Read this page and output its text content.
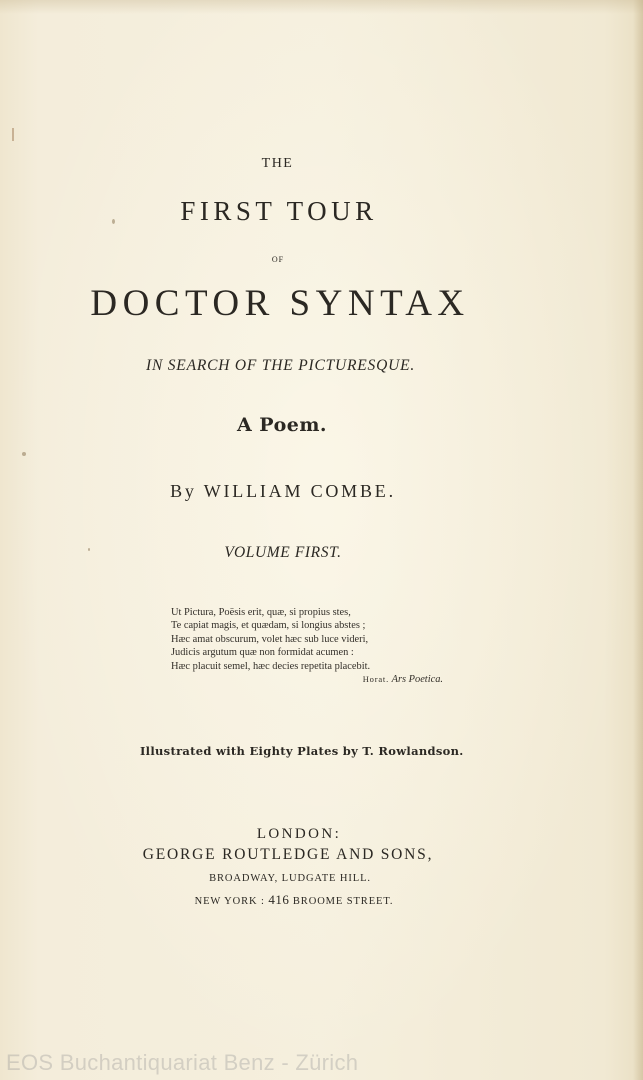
THE
FIRST TOUR
OF
DOCTOR SYNTAX
IN SEARCH OF THE PICTURESQUE.
A Poem.
By WILLIAM COMBE.
VOLUME FIRST.
Ut Pictura, Poësis erit, quæ, si propius stes,
Te capiat magis, et quædam, si longius abstes ;
Hæc amat obscurum, volet hæc sub luce videri,
Judicis argutum quæ non formidat acumen :
Hæc placuit semel, hæc decies repetita placebit.
Horat. Ars Poetica.
Illustrated with Eighty Plates by T. Rowlandson.
LONDON:
GEORGE ROUTLEDGE AND SONS,
BROADWAY, LUDGATE HILL.
NEW YORK : 416 BROOME STREET.
EOS Buchantiquariat Benz - Zürich
